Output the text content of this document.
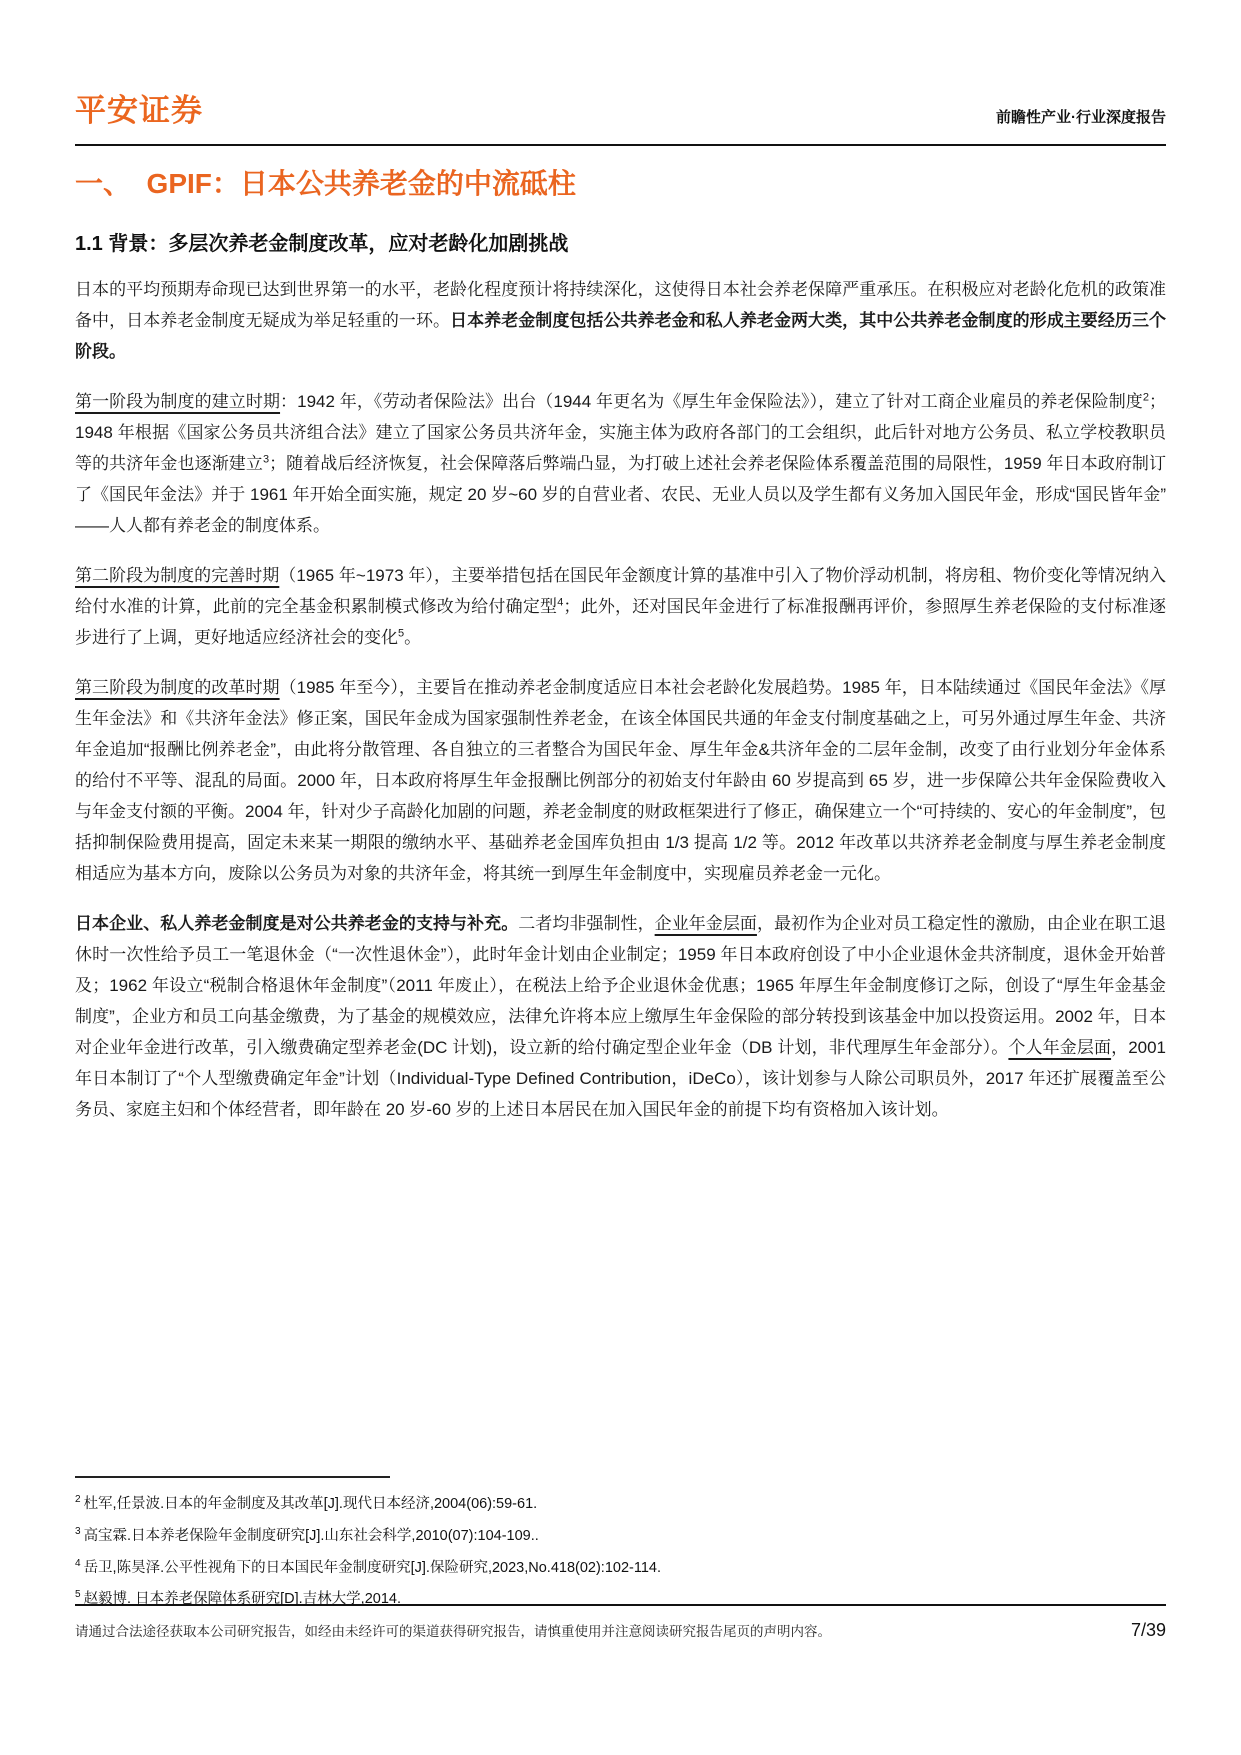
平安证券	前瞻性产业·行业深度报告
一、  GPIF：日本公共养老金的中流砥柱
1.1 背景：多层次养老金制度改革，应对老龄化加剧挑战

日本的平均预期寿命现已达到世界第一的水平，老龄化程度预计将持续深化，这使得日本社会养老保障严重承压。在积极应对老龄化危机的政策准备中，日本养老金制度无疑成为举足轻重的一环。日本养老金制度包括公共养老金和私人养老金两大类，其中公共养老金制度的形成主要经历三个阶段。

第一阶段为制度的建立时期：1942 年，《劳动者保险法》出台（1944 年更名为《厚生年金保险法》），建立了针对工商企业雇员的养老保险制度$^2$；1948 年根据《国家公务员共济组合法》建立了国家公务员共济年金，实施主体为政府各部门的工会组织，此后针对地方公务员、私立学校教职员等的共济年金也逐渐建立$^3$；随着战后经济恢复，社会保障落后弊端凸显，为打破上述社会养老保险体系覆盖范围的局限性，1959 年日本政府制订了《国民年金法》并于 1961 年开始全面实施，规定 20 岁~60 岁的自营业者、农民、无业人员以及学生都有义务加入国民年金，形成“国民皆年金”——人人都有养老金的制度体系。

第二阶段为制度的完善时期（1965 年~1973 年），主要举措包括在国民年金额度计算的基准中引入了物价浮动机制，将房租、物价变化等情况纳入给付水准的计算，此前的完全基金积累制模式修改为给付确定型$^4$；此外，还对国民年金进行了标准报酬再评价，参照厚生养老保险的支付标准逐步进行了上调，更好地适应经济社会的变化$^5$。

第三阶段为制度的改革时期（1985 年至今），主要旨在推动养老金制度适应日本社会老龄化发展趋势。1985 年，日本陆续通过《国民年金法》《厚生年金法》和《共济年金法》修正案，国民年金成为国家强制性养老金，在该全体国民共通的年金支付制度基础之上，可另外通过厚生年金、共济年金追加“报酬比例养老金”，由此将分散管理、各自独立的三者整合为国民年金、厚生年金&共济年金的二层年金制，改变了由行业划分年金体系的给付不平等、混乱的局面。2000 年，日本政府将厚生年金报酬比例部分的初始支付年龄由 60 岁提高到 65 岁，进一步保障公共年金保险费收入与年金支付额的平衡。2004 年，针对少子高龄化加剧的问题，养老金制度的财政框架进行了修正，确保建立一个“可持续的、安心的年金制度”，包括抑制保险费用提高，固定未来某一期限的缴纳水平、基础养老金国库负担由 1/3 提高 1/2 等。2012 年改革以共济养老金制度与厚生养老金制度相适应为基本方向，废除以公务员为对象的共济年金，将其统一到厚生年金制度中，实现雇员养老金一元化。

日本企业、私人养老金制度是对公共养老金的支持与补充。二者均非强制性，企业年金层面，最初作为企业对员工稳定性的激励，由企业在职工退休时一次性给予员工一笔退休金（“一次性退休金”），此时年金计划由企业制定；1959 年日本政府创设了中小企业退休金共济制度，退休金开始普及；1962 年设立“税制合格退休年金制度”（2011 年废止），在税法上给予企业退休金优惠；1965 年厚生年金制度修订之际，创设了“厚生年金基金制度”，企业方和员工向基金缴费，为了基金的规模效应，法律允许将本应上缴厚生年金保险的部分转投到该基金中加以投资运用。2002 年，日本对企业年金进行改革，引入缴费确定型养老金(DC 计划)，设立新的给付确定型企业年金（DB 计划，非代理厚生年金部分）。个人年金层面，2001 年日本制订了“个人型缴费确定年金”计划（Individual-Type Defined Contribution，iDeCo），该计划参与人除公司职员外，2017 年还扩展覆盖至公务员、家庭主妇和个体经营者，即年龄在 20 岁-60 岁的上述日本居民在加入国民年金的前提下均有资格加入该计划。

$^2$ 杜军,任景波.日本的年金制度及其改革[J].现代日本经济,2004(06):59-61.
$^3$ 高宝霖.日本养老保险年金制度研究[J].山东社会科学,2010(07):104-109..
$^4$ 岳卫,陈昊泽.公平性视角下的日本国民年金制度研究[J].保险研究,2023,No.418(02):102-114.
$^5$ 赵毅博. 日本养老保障体系研究[D].吉林大学,2014.
请通过合法途径获取本公司研究报告，如经由未经许可的渠道获得研究报告，请慎重使用并注意阅读研究报告尾页的声明内容。	7/39
